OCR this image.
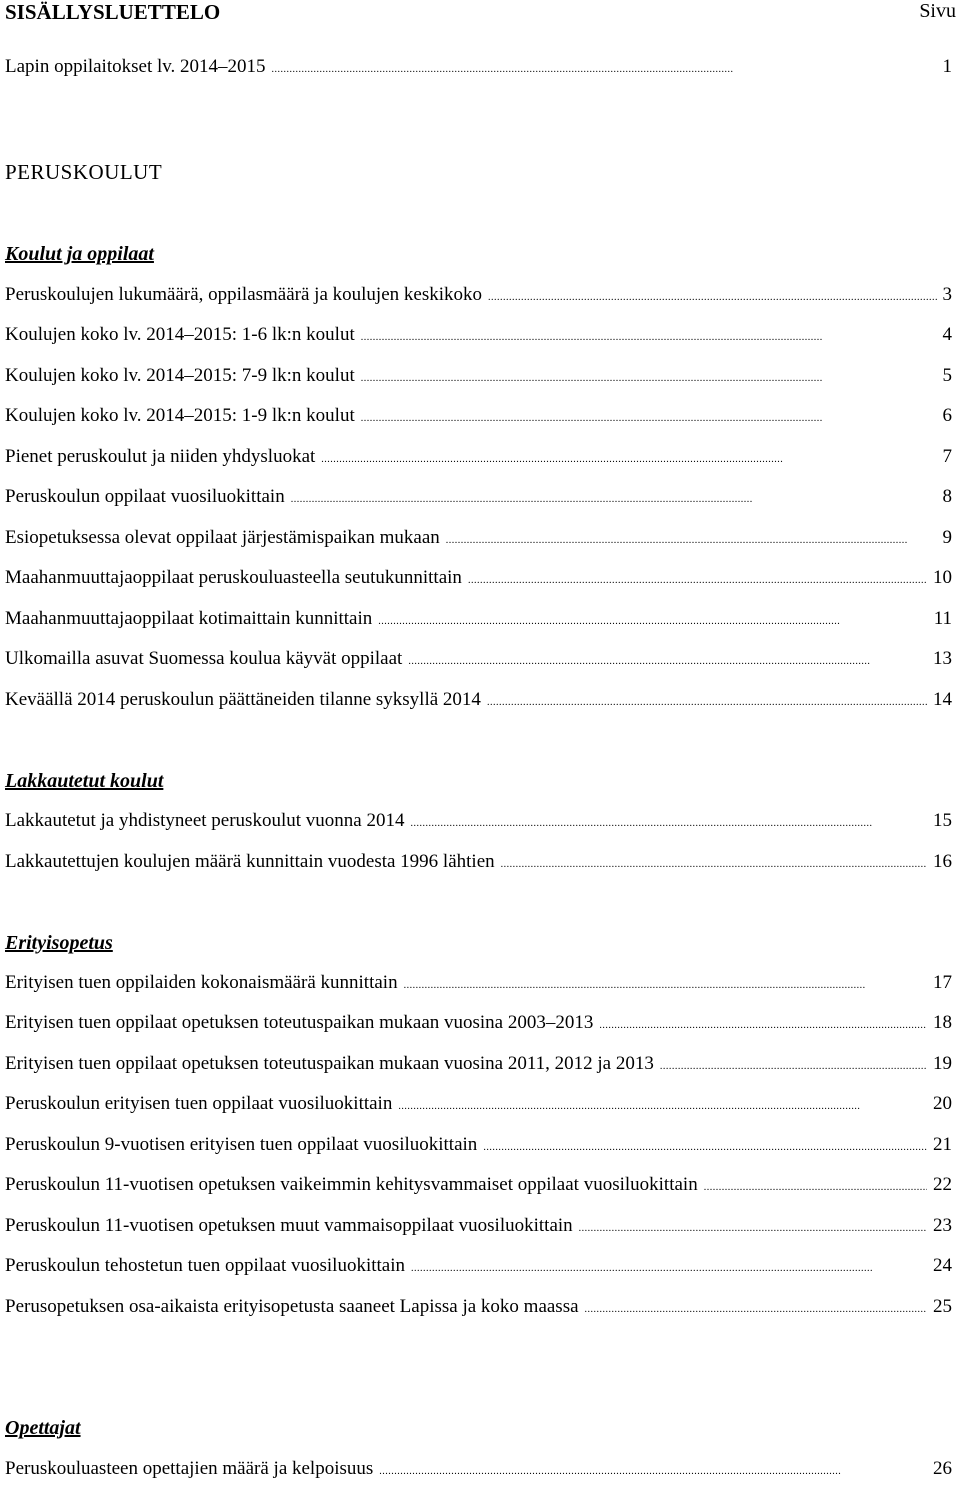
SISÄLLYSLUETTELO	Sivu
Lapin oppilaitokset lv. 2014–2015 . . .	1
PERUSKOULUT
Koulut ja oppilaat
Peruskoulujen lukumäärä, oppilasmäärä ja koulujen keskikoko . . .	3
Koulujen koko lv. 2014–2015: 1-6 lk:n koulut . . .	4
Koulujen koko lv. 2014–2015: 7-9 lk:n koulut . . .	5
Koulujen koko lv. 2014–2015: 1-9 lk:n koulut . . .	6
Pienet peruskoulut ja niiden yhdysluokat . . .	7
Peruskoulun oppilaat vuosiluokittain . . .	8
Esiopetuksessa olevat oppilaat järjestämispaikan mukaan . . .	9
Maahanmuuttajaoppilaat peruskouluasteella seutukunnittain . . .	10
Maahanmuuttajaoppilaat kotimaittain kunnittain . . .	11
Ulkomailla asuvat Suomessa koulua käyvät oppilaat . . .	13
Keväällä 2014 peruskoulun päättäneiden tilanne syksyllä 2014 . . .	14
Lakkautetut koulut
Lakkautetut ja yhdistyneet peruskoulut vuonna 2014 . . .	15
Lakkautettujen koulujen määrä kunnittain vuodesta 1996 lähtien . . .	16
Erityisopetus
Erityisen tuen oppilaiden kokonaismäärä kunnittain . . .	17
Erityisen tuen oppilaat opetuksen toteutuspaikan mukaan vuosina 2003–2013 . . .	18
Erityisen tuen oppilaat opetuksen toteutuspaikan mukaan vuosina 2011, 2012 ja 2013 . . .	19
Peruskoulun erityisen tuen oppilaat vuosiluokittain . . .	20
Peruskoulun 9-vuotisen erityisen tuen oppilaat vuosiluokittain . . .	21
Peruskoulun 11-vuotisen opetuksen vaikeimmin kehitysvammaiset oppilaat vuosiluokittain . . .	22
Peruskoulun 11-vuotisen opetuksen muut vammaisoppilaat vuosiluokittain . . .	23
Peruskoulun tehostetun tuen oppilaat vuosiluokittain . . .	24
Perusopetuksen osa-aikaista erityisopetusta saaneet Lapissa ja koko maassa . . .	25
Opettajat
Peruskouluasteen opettajien määrä ja kelpoisuus . . .	26
